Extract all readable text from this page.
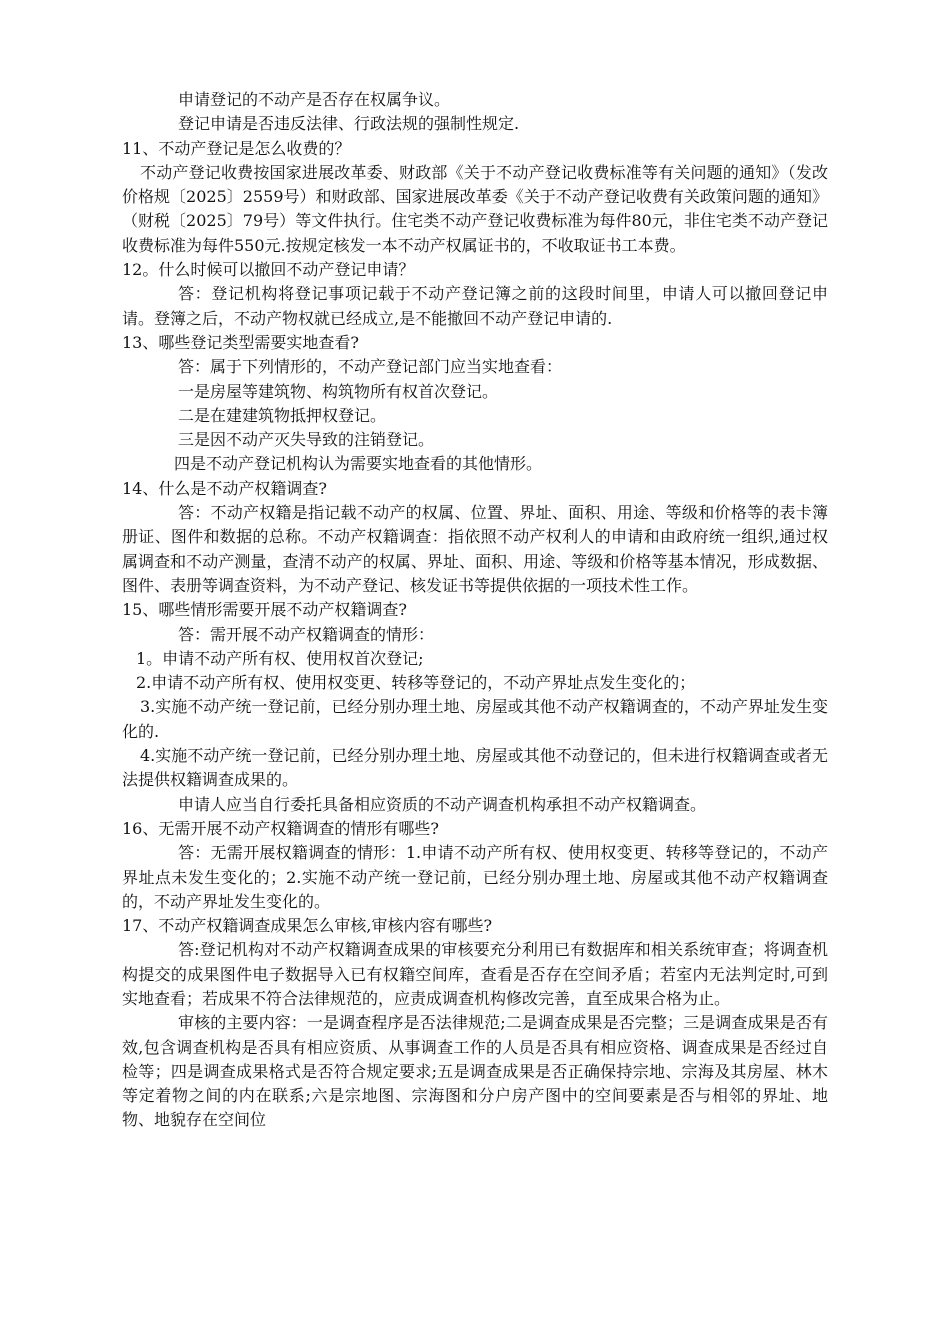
申请登记的不动产是否存在权属争议。

登记申请是否违反法律、行政法规的强制性规定.

11、不动产登记是怎么收费的？

不动产登记收费按国家进展改革委、财政部《关于不动产登记收费标准等有关问题的通知》（发改价格规〔2025〕2559号）和财政部、国家进展改革委《关于不动产登记收费有关政策问题的通知》（财税〔2025〕79号）等文件执行。住宅类不动产登记收费标准为每件80元，非住宅类不动产登记收费标准为每件550元.按规定核发一本不动产权属证书的，不收取证书工本费。

12。什么时候可以撤回不动产登记申请？

答：登记机构将登记事项记载于不动产登记簿之前的这段时间里，申请人可以撤回登记申请。登簿之后，不动产物权就已经成立,是不能撤回不动产登记申请的.

13、哪些登记类型需要实地查看?

答：属于下列情形的，不动产登记部门应当实地查看：

一是房屋等建筑物、构筑物所有权首次登记。

二是在建建筑物抵押权登记。

三是因不动产灭失导致的注销登记。

四是不动产登记机构认为需要实地查看的其他情形。

14、什么是不动产权籍调查?

答：不动产权籍是指记载不动产的权属、位置、界址、面积、用途、等级和价格等的表卡簿册证、图件和数据的总称。不动产权籍调查：指依照不动产权利人的申请和由政府统一组织,通过权属调查和不动产测量，查清不动产的权属、界址、面积、用途、等级和价格等基本情况，形成数据、图件、表册等调查资料，为不动产登记、核发证书等提供依据的一项技术性工作。

15、哪些情形需要开展不动产权籍调查?

答：需开展不动产权籍调查的情形：

1。申请不动产所有权、使用权首次登记;

2.申请不动产所有权、使用权变更、转移等登记的，不动产界址点发生变化的；

3.实施不动产统一登记前，已经分别办理土地、房屋或其他不动产权籍调查的，不动产界址发生变化的.

4.实施不动产统一登记前，已经分别办理土地、房屋或其他不动登记的，但未进行权籍调查或者无法提供权籍调查成果的。

申请人应当自行委托具备相应资质的不动产调查机构承担不动产权籍调查。

16、无需开展不动产权籍调查的情形有哪些?

答：无需开展权籍调查的情形：1.申请不动产所有权、使用权变更、转移等登记的，不动产界址点未发生变化的；2.实施不动产统一登记前，已经分别办理土地、房屋或其他不动产权籍调查的，不动产界址发生变化的。

17、不动产权籍调查成果怎么审核,审核内容有哪些?

答:登记机构对不动产权籍调查成果的审核要充分利用已有数据库和相关系统审查；将调查机构提交的成果图件电子数据导入已有权籍空间库，查看是否存在空间矛盾；若室内无法判定时,可到实地查看；若成果不符合法律规范的，应责成调查机构修改完善，直至成果合格为止。

审核的主要内容：一是调查程序是否法律规范;二是调查成果是否完整；三是调查成果是否有效,包含调查机构是否具有相应资质、从事调查工作的人员是否具有相应资格、调查成果是否经过自检等；四是调查成果格式是否符合规定要求;五是调查成果是否正确保持宗地、宗海及其房屋、林木等定着物之间的内在联系;六是宗地图、宗海图和分户房产图中的空间要素是否与相邻的界址、地物、地貌存在空间位
